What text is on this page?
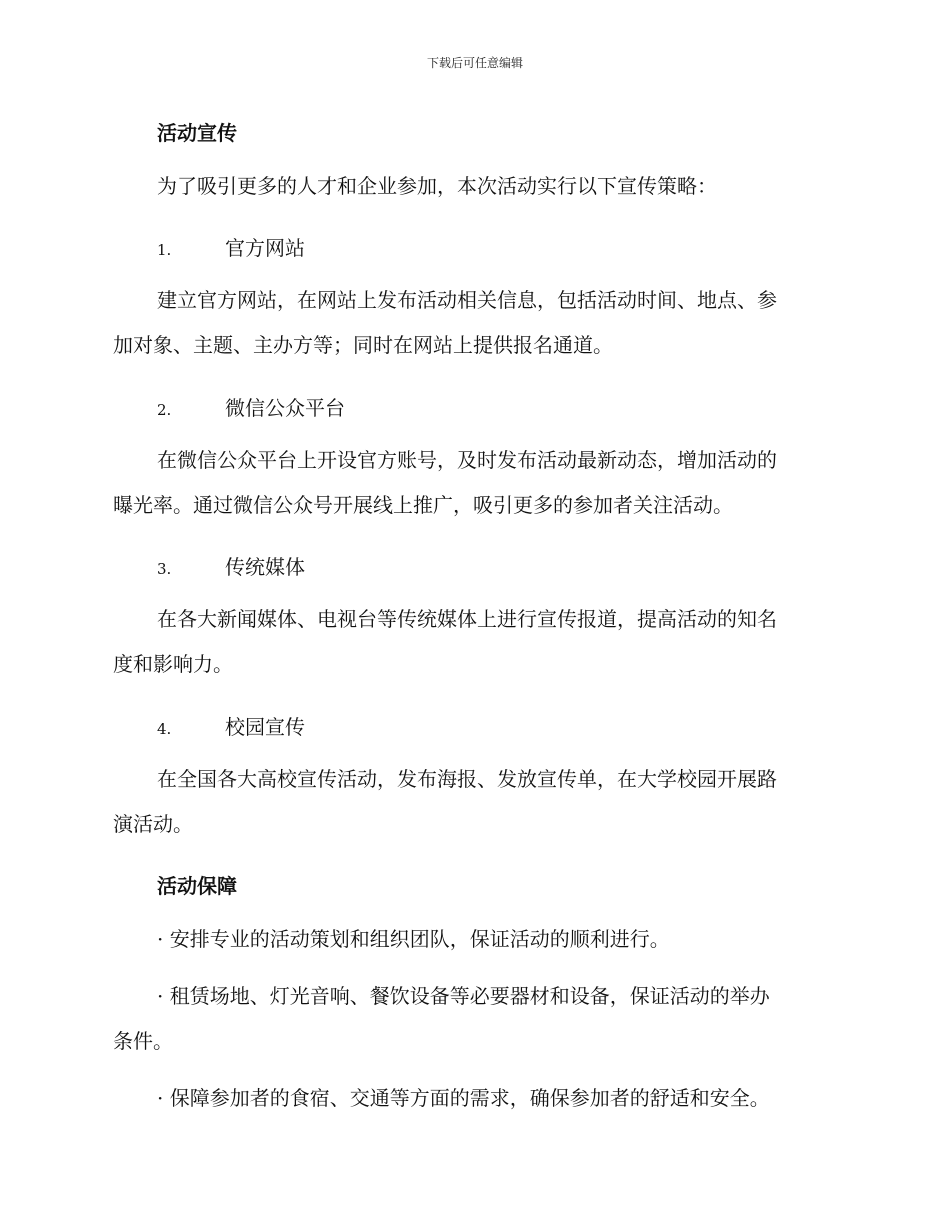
下载后可任意编辑
活动宣传
为了吸引更多的人才和企业参加，本次活动实行以下宣传策略：
1.	官方网站
建立官方网站，在网站上发布活动相关信息，包括活动时间、地点、参
加对象、主题、主办方等；同时在网站上提供报名通道。
2.	微信公众平台
在微信公众平台上开设官方账号，及时发布活动最新动态，增加活动的
曝光率。通过微信公众号开展线上推广，吸引更多的参加者关注活动。
3.	传统媒体
在各大新闻媒体、电视台等传统媒体上进行宣传报道，提高活动的知名
度和影响力。
4.	校园宣传
在全国各大高校宣传活动，发布海报、发放宣传单，在大学校园开展路
演活动。
活动保障
· 安排专业的活动策划和组织团队，保证活动的顺利进行。
· 租赁场地、灯光音响、餐饮设备等必要器材和设备，保证活动的举办
条件。
· 保障参加者的食宿、交通等方面的需求，确保参加者的舒适和安全。
